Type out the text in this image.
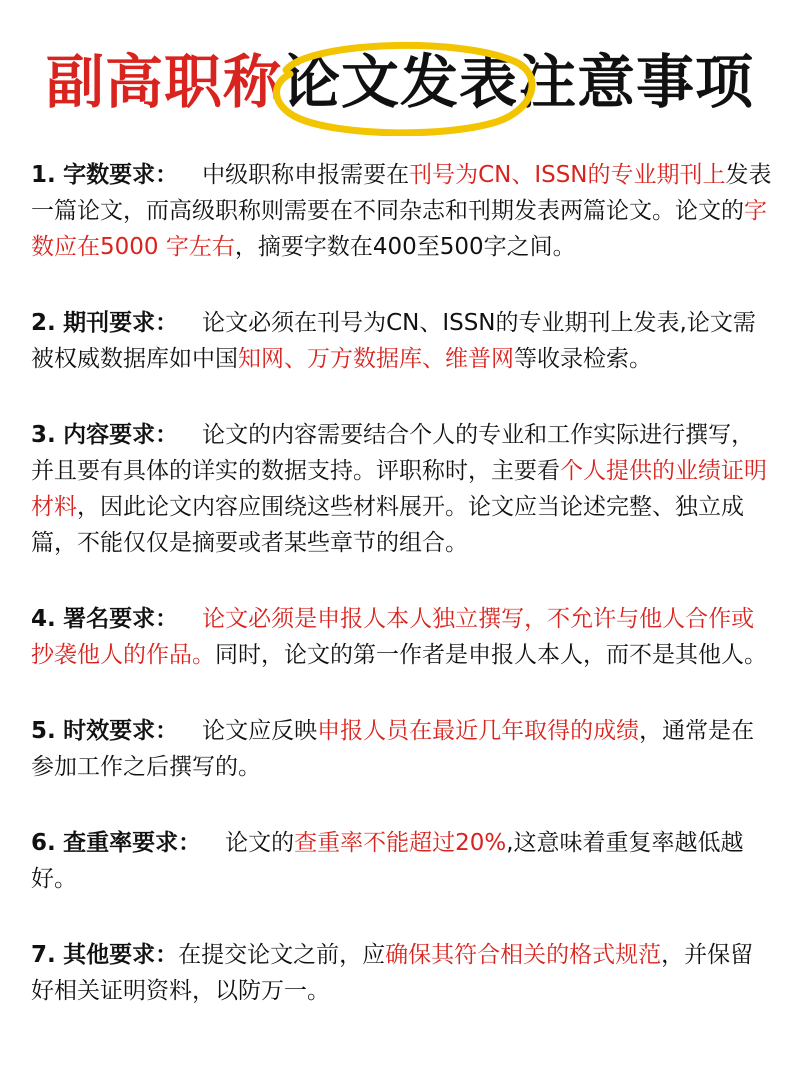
副高职称论文发表注意事项
1. 字数要求： 中级职称申报需要在刊号为CN、ISSN的专业期刊上发表一篇论文，而高级职称则需要在不同杂志和刊期发表两篇论文。论文的字数应在5000 字左右，摘要字数在400至500字之间。
2. 期刊要求： 论文必须在刊号为CN、ISSN的专业期刊上发表,论文需被权威数据库如中国知网、万方数据库、维普网等收录检索。
3. 内容要求： 论文的内容需要结合个人的专业和工作实际进行撰写，并且要有具体的详实的数据支持。评职称时，主要看个人提供的业绩证明材料，因此论文内容应围绕这些材料展开。论文应当论述完整、独立成篇，不能仅仅是摘要或者某些章节的组合。
4. 署名要求： 论文必须是申报人本人独立撰写，不允许与他人合作或抄袭他人的作品。同时，论文的第一作者是申报人本人，而不是其他人。
5. 时效要求： 论文应反映申报人员在最近几年取得的成绩，通常是在参加工作之后撰写的。
6. 查重率要求： 论文的查重率不能超过20%,这意味着重复率越低越好。
7. 其他要求：在提交论文之前，应确保其符合相关的格式规范，并保留好相关证明资料，以防万一。
